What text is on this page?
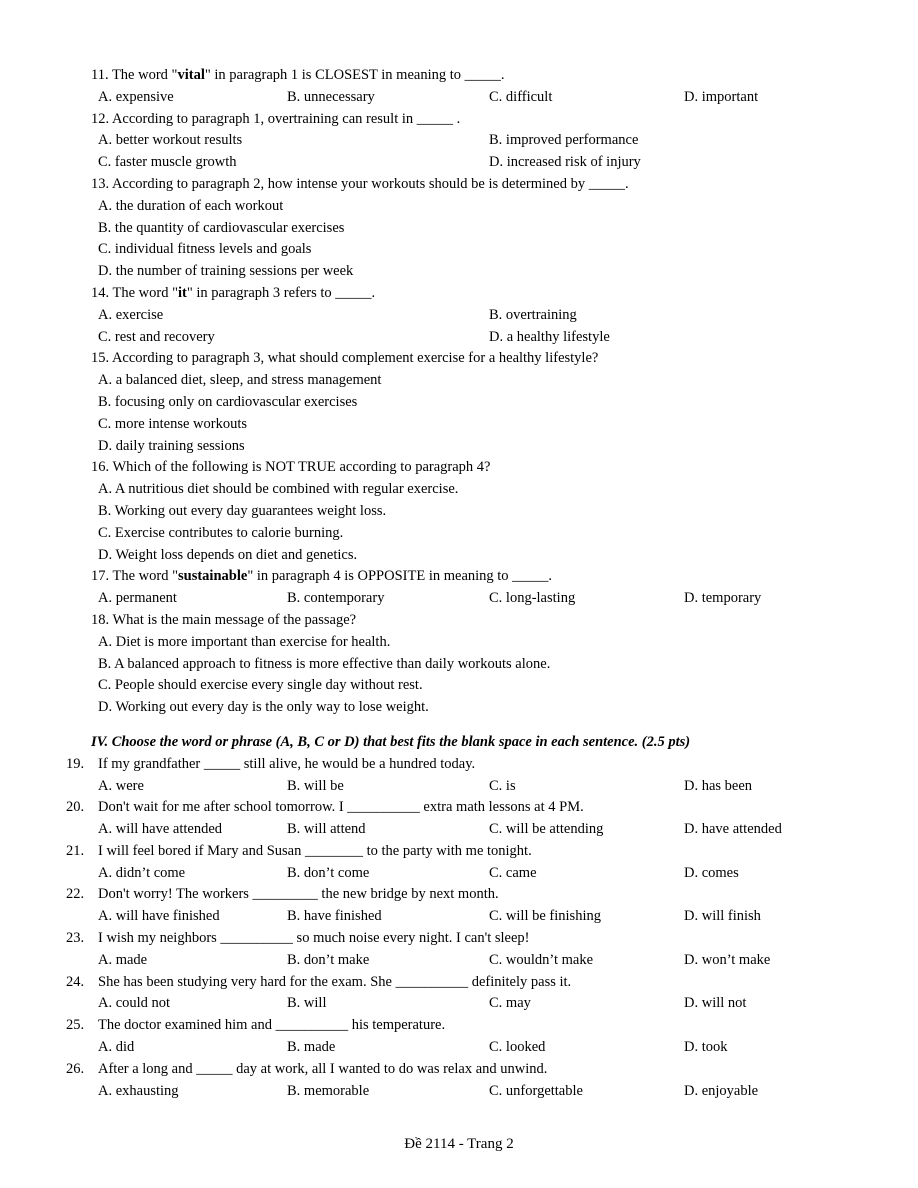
11. The word "vital" in paragraph 1 is CLOSEST in meaning to _____.
A. expensive	B. unnecessary	C. difficult	D. important
12. According to paragraph 1, overtraining can result in _____ .
A. better workout results	B. improved performance
C. faster muscle growth	D. increased risk of injury
13. According to paragraph 2, how intense your workouts should be is determined by _____.
A. the duration of each workout
B. the quantity of cardiovascular exercises
C. individual fitness levels and goals
D. the number of training sessions per week
14. The word "it" in paragraph 3 refers to _____.
A. exercise	B. overtraining
C. rest and recovery	D. a healthy lifestyle
15. According to paragraph 3, what should complement exercise for a healthy lifestyle?
A. a balanced diet, sleep, and stress management
B. focusing only on cardiovascular exercises
C. more intense workouts
D. daily training sessions
16. Which of the following is NOT TRUE according to paragraph 4?
A. A nutritious diet should be combined with regular exercise.
B. Working out every day guarantees weight loss.
C. Exercise contributes to calorie burning.
D. Weight loss depends on diet and genetics.
17. The word "sustainable" in paragraph 4 is OPPOSITE in meaning to _____.
A. permanent	B. contemporary	C. long-lasting	D. temporary
18. What is the main message of the passage?
A. Diet is more important than exercise for health.
B. A balanced approach to fitness is more effective than daily workouts alone.
C. People should exercise every single day without rest.
D. Working out every day is the only way to lose weight.
IV. Choose the word or phrase (A, B, C or D) that best fits the blank space in each sentence. (2.5 pts)
19. If my grandfather _____ still alive, he would be a hundred today.
A. were	B. will be	C. is	D. has been
20. Don't wait for me after school tomorrow. I __________ extra math lessons at 4 PM.
A. will have attended	B. will attend	C. will be attending	D. have attended
21. I will feel bored if Mary and Susan ________ to the party with me tonight.
A. didn’t come	B. don’t come	C. came	D. comes
22. Don't worry! The workers _________ the new bridge by next month.
A. will have finished	B. have finished	C. will be finishing	D. will finish
23. I wish my neighbors __________ so much noise every night. I can't sleep!
A. made	B. don’t make	C. wouldn’t make	D. won’t make
24. She has been studying very hard for the exam. She __________ definitely pass it.
A. could not	B. will	C. may	D. will not
25. The doctor examined him and __________ his temperature.
A. did	B. made	C. looked	D. took
26. After a long and _____ day at work, all I wanted to do was relax and unwind.
A. exhausting	B. memorable	C. unforgettable	D. enjoyable
Đề 2114 - Trang 2
